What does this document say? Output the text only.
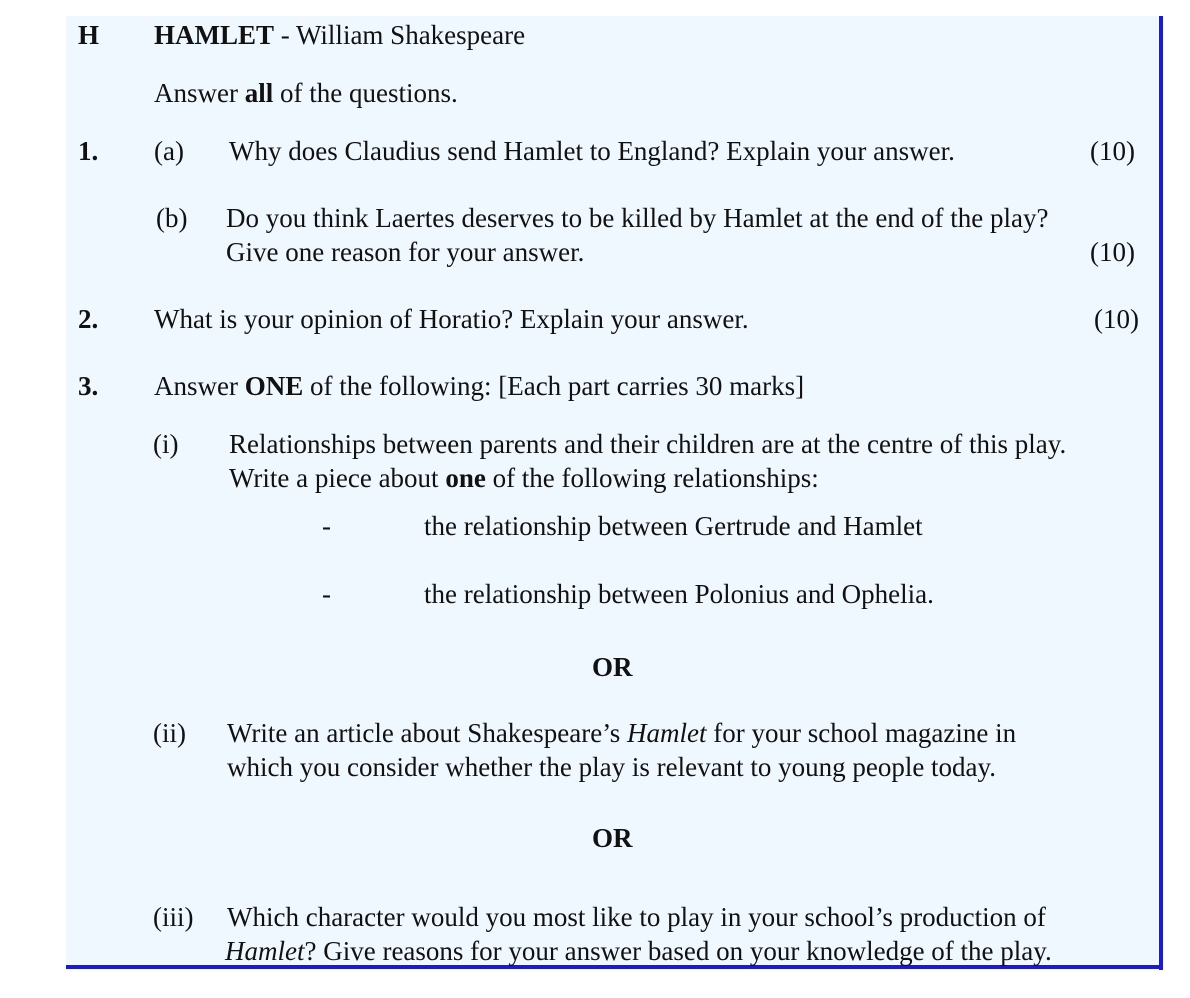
H HAMLET - William Shakespeare
Answer all of the questions.
1. (a) Why does Claudius send Hamlet to England? Explain your answer.	(10)
(b) Do you think Laertes deserves to be killed by Hamlet at the end of the play?
Give one reason for your answer.	(10)
2. What is your opinion of Horatio? Explain your answer.	(10)
3. Answer ONE of the following: [Each part carries 30 marks]
(i) Relationships between parents and their children are at the centre of this play.
Write a piece about one of the following relationships:
-	the relationship between Gertrude and Hamlet
-	the relationship between Polonius and Ophelia.
OR
(ii) Write an article about Shakespeare’s Hamlet for your school magazine in
which you consider whether the play is relevant to young people today.
OR
(iii) Which character would you most like to play in your school’s production of
Hamlet? Give reasons for your answer based on your knowledge of the play.
